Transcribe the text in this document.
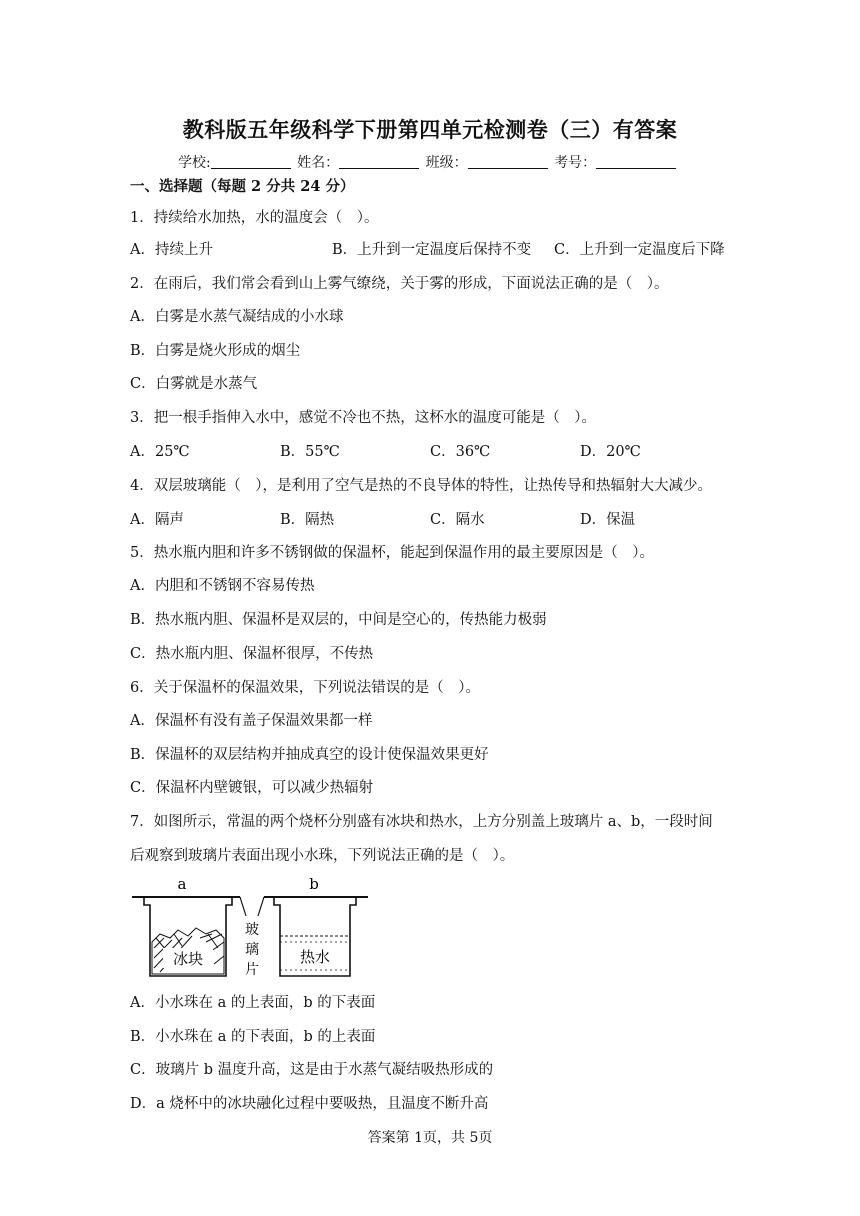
教科版五年级科学下册第四单元检测卷（三）有答案
学校:	姓名：	班级：	考号：
一、选择题（每题 2 分共 24 分）
1．持续给水加热，水的温度会（　）。
A．持续上升	B．上升到一定温度后保持不变 C．上升到一定温度后下降
2．在雨后，我们常会看到山上雾气缭绕，关于雾的形成，下面说法正确的是（　）。
A．白雾是水蒸气凝结成的小水球
B．白雾是烧火形成的烟尘
C．白雾就是水蒸气
3．把一根手指伸入水中，感觉不冷也不热，这杯水的温度可能是（　）。
A．25℃	B．55℃	C．36℃	D．20℃
4．双层玻璃能（　），是利用了空气是热的不良导体的特性，让热传导和热辐射大大减少。
A．隔声	B．隔热	C．隔水	D．保温
5．热水瓶内胆和许多不锈钢做的保温杯，能起到保温作用的最主要原因是（　）。
A．内胆和不锈钢不容易传热
B．热水瓶内胆、保温杯是双层的，中间是空心的，传热能力极弱
C．热水瓶内胆、保温杯很厚，不传热
6．关于保温杯的保温效果，下列说法错误的是（　）。
A．保温杯有没有盖子保温效果都一样
B．保温杯的双层结构并抽成真空的设计使保温效果更好
C．保温杯内壁镀银，可以减少热辐射
7．如图所示，常温的两个烧杯分别盛有冰块和热水，上方分别盖上玻璃片 a、b，一段时间
后观察到玻璃片表面出现小水珠，下列说法正确的是（　）。
a	b
冰块
玻
璃
片
热水
A．小水珠在 a 的上表面，b 的下表面
B．小水珠在 a 的下表面，b 的上表面
C．玻璃片 b 温度升高，这是由于水蒸气凝结吸热形成的
D．a 烧杯中的冰块融化过程中要吸热，且温度不断升高
答案第 1页，共 5页
